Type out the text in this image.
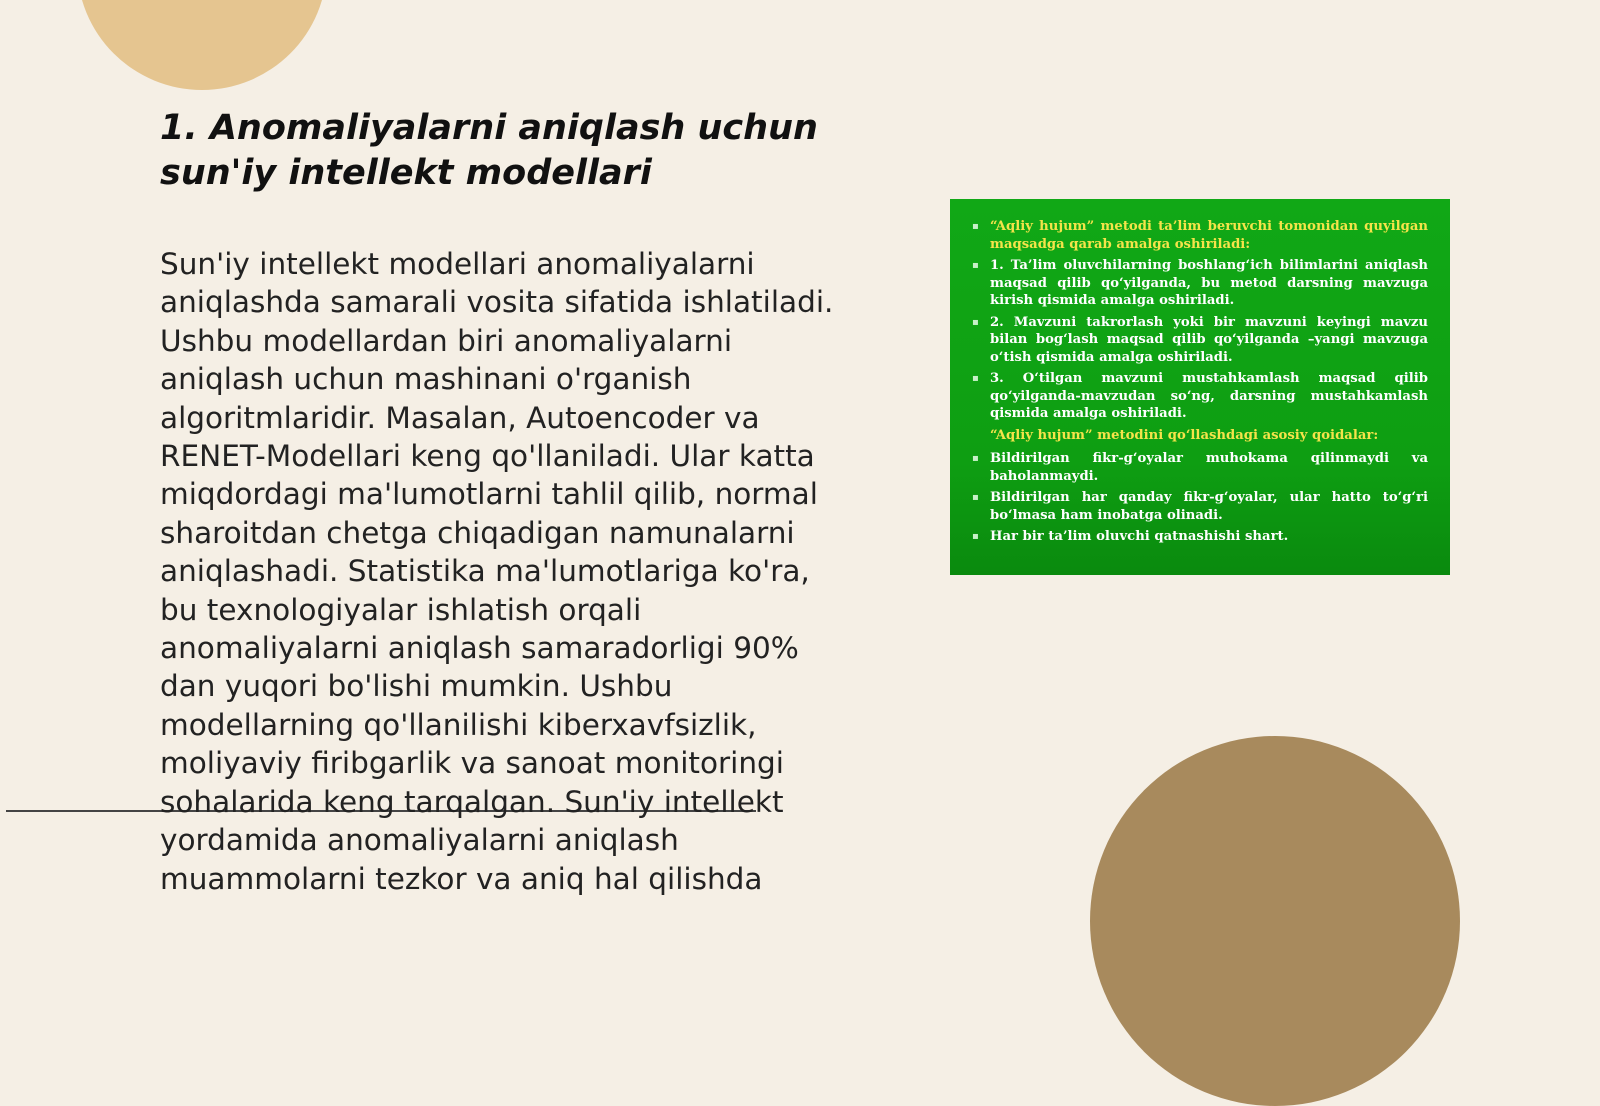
1. Anomaliyalarni aniqlash uchun sun'iy intellekt modellari

Sun'iy intellekt modellari anomaliyalarni aniqlashda samarali vosita sifatida ishlatiladi. Ushbu modellardan biri anomaliyalarni aniqlash uchun mashinani o'rganish algoritmlaridir. Masalan, Autoencoder va RENET-Modellari keng qo'llaniladi. Ular katta miqdordagi ma'lumotlarni tahlil qilib, normal sharoitdan chetga chiqadigan namunalarni aniqlashadi. Statistika ma'lumotlariga ko'ra, bu texnologiyalar ishlatish orqali anomaliyalarni aniqlash samaradorligi 90% dan yuqori bo'lishi mumkin. Ushbu modellarning qo'llanilishi kiberxavfsizlik, moliyaviy firibgarlik va sanoat monitoringi sohalarida keng tarqalgan. Sun'iy intellekt yordamida anomaliyalarni aniqlash muammolarni tezkor va aniq hal qilishda

▪ “Aqliy hujum” metodi ta’lim beruvchi tomonidan quyilgan maqsadga qarab amalga oshiriladi:
▪ 1. Ta’lim oluvchilarning boshlang‘ich bilimlarini aniqlash maqsad qilib qo‘yilganda, bu metod darsning mavzuga kirish qismida amalga oshiriladi.
▪ 2. Mavzuni takrorlash yoki bir mavzuni keyingi mavzu bilan bog‘lash maqsad qilib qo‘yilganda –yangi mavzuga o‘tish qismida amalga oshiriladi.
▪ 3. O‘tilgan mavzuni mustahkamlash maqsad qilib qo‘yilganda-mavzudan so‘ng, darsning mustahkamlash qismida amalga oshiriladi.
“Aqliy hujum” metodini qo‘llashdagi asosiy qoidalar:
▪ Bildirilgan fikr-g‘oyalar muhokama qilinmaydi va baholanmaydi.
▪ Bildirilgan har qanday fikr-g‘oyalar, ular hatto to‘g‘ri bo‘lmasa ham inobatga olinadi.
▪ Har bir ta’lim oluvchi qatnashishi shart.
